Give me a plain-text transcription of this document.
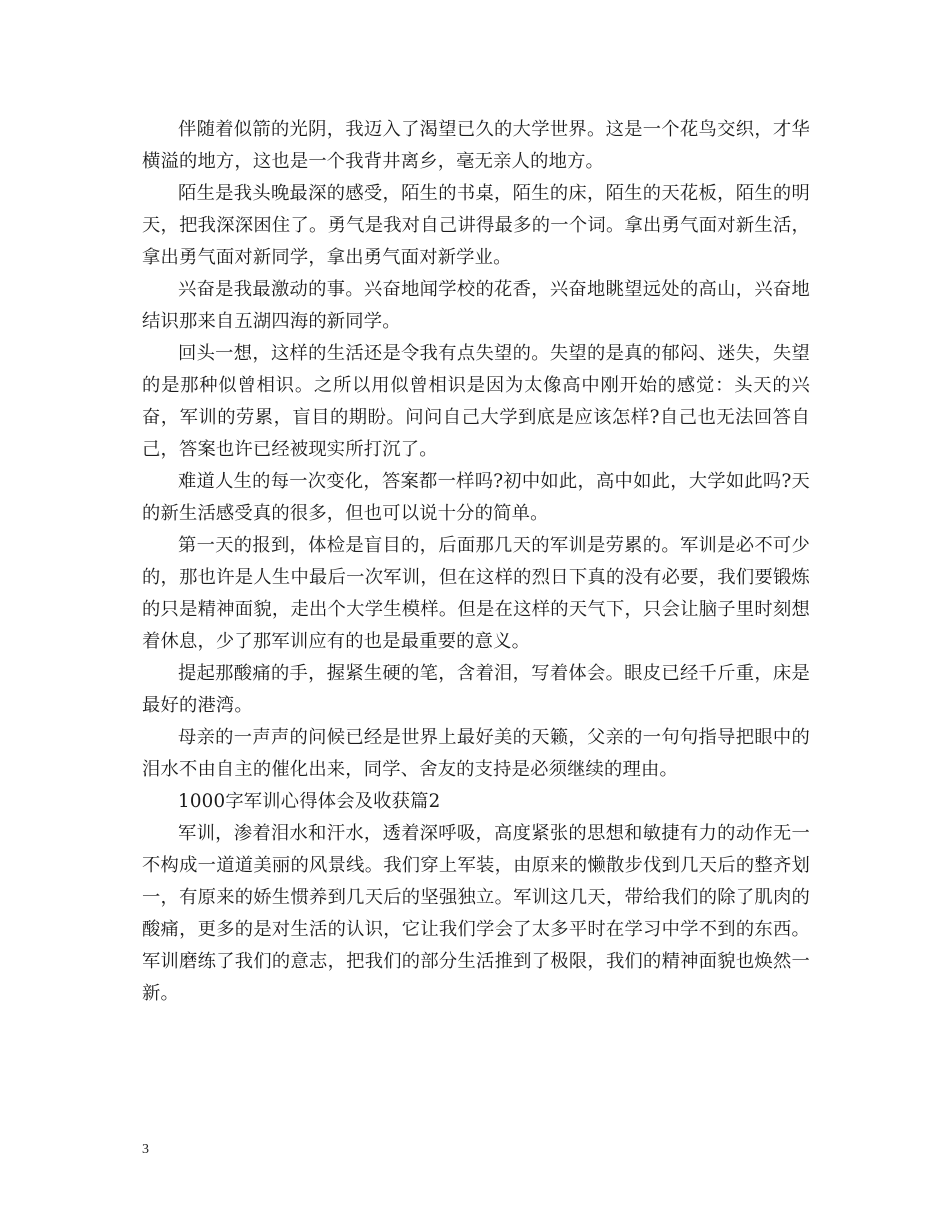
伴随着似箭的光阴，我迈入了渴望已久的大学世界。这是一个花鸟交织，才华横溢的地方，这也是一个我背井离乡，毫无亲人的地方。

陌生是我头晚最深的感受，陌生的书桌，陌生的床，陌生的天花板，陌生的明天，把我深深困住了。勇气是我对自己讲得最多的一个词。拿出勇气面对新生活，拿出勇气面对新同学，拿出勇气面对新学业。

兴奋是我最激动的事。兴奋地闻学校的花香，兴奋地眺望远处的高山，兴奋地结识那来自五湖四海的新同学。

回头一想，这样的生活还是令我有点失望的。失望的是真的郁闷、迷失，失望的是那种似曾相识。之所以用似曾相识是因为太像高中刚开始的感觉：头天的兴奋，军训的劳累，盲目的期盼。问问自己大学到底是应该怎样?自己也无法回答自己，答案也许已经被现实所打沉了。

难道人生的每一次变化，答案都一样吗?初中如此，高中如此，大学如此吗?天的新生活感受真的很多，但也可以说十分的简单。

第一天的报到，体检是盲目的，后面那几天的军训是劳累的。军训是必不可少的，那也许是人生中最后一次军训，但在这样的烈日下真的没有必要，我们要锻炼的只是精神面貌，走出个大学生模样。但是在这样的天气下，只会让脑子里时刻想着休息，少了那军训应有的也是最重要的意义。

提起那酸痛的手，握紧生硬的笔，含着泪，写着体会。眼皮已经千斤重，床是最好的港湾。

母亲的一声声的问候已经是世界上最好美的天籁，父亲的一句句指导把眼中的泪水不由自主的催化出来，同学、舍友的支持是必须继续的理由。

1000字军训心得体会及收获篇2

军训，渗着泪水和汗水，透着深呼吸，高度紧张的思想和敏捷有力的动作无一不构成一道道美丽的风景线。我们穿上军装，由原来的懒散步伐到几天后的整齐划一，有原来的娇生惯养到几天后的坚强独立。军训这几天，带给我们的除了肌肉的酸痛，更多的是对生活的认识，它让我们学会了太多平时在学习中学不到的东西。军训磨练了我们的意志，把我们的部分生活推到了极限，我们的精神面貌也焕然一新。

3
